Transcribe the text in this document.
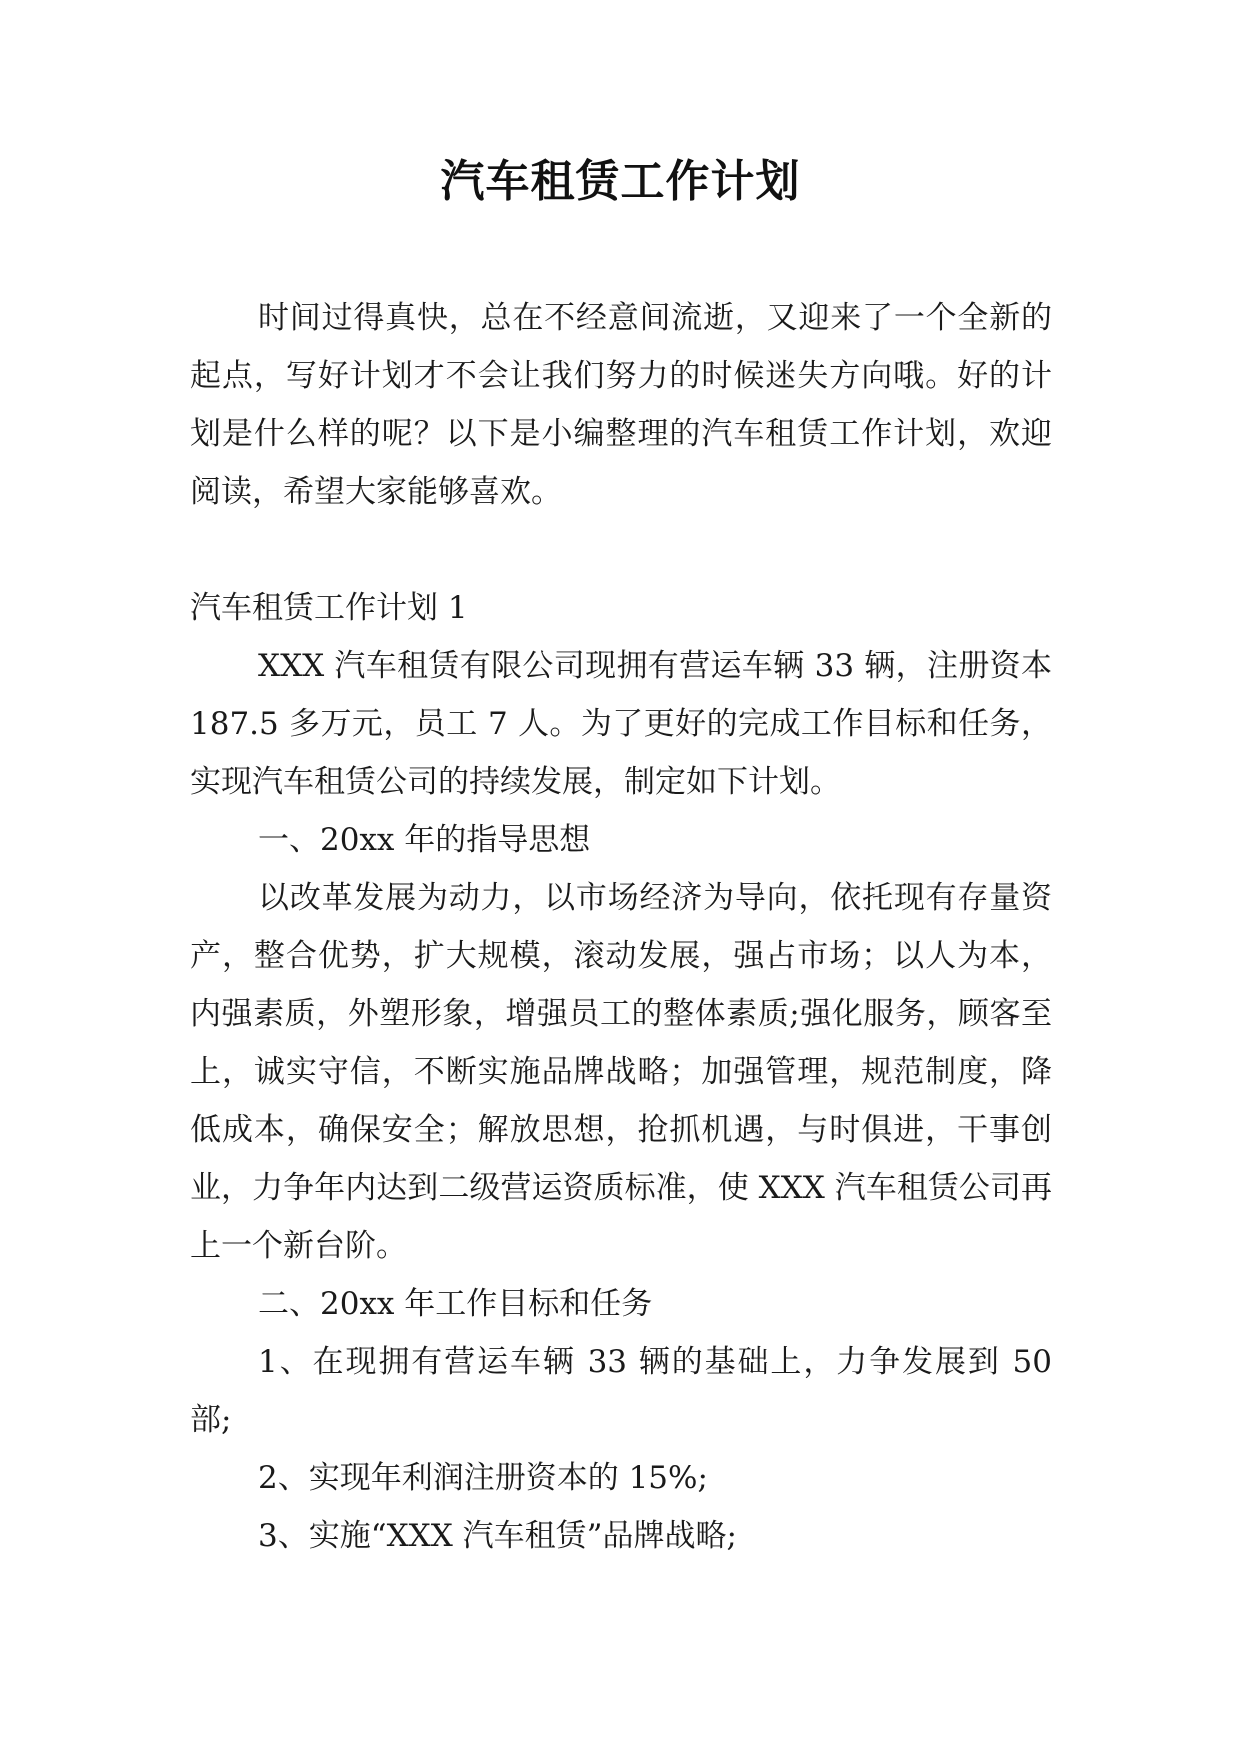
汽车租赁工作计划

时间过得真快，总在不经意间流逝，又迎来了一个全新的起点，写好计划才不会让我们努力的时候迷失方向哦。好的计划是什么样的呢？以下是小编整理的汽车租赁工作计划，欢迎阅读，希望大家能够喜欢。

汽车租赁工作计划 1

XXX 汽车租赁有限公司现拥有营运车辆 33 辆，注册资本 187.5 多万元，员工 7 人。为了更好的完成工作目标和任务，实现汽车租赁公司的持续发展，制定如下计划。

一、20xx 年的指导思想

以改革发展为动力，以市场经济为导向，依托现有存量资产，整合优势，扩大规模，滚动发展，强占市场；以人为本，内强素质，外塑形象，增强员工的整体素质;强化服务，顾客至上，诚实守信，不断实施品牌战略；加强管理，规范制度，降低成本，确保安全；解放思想，抢抓机遇，与时俱进，干事创业，力争年内达到二级营运资质标准，使 XXX 汽车租赁公司再上一个新台阶。

二、20xx 年工作目标和任务

1、在现拥有营运车辆 33 辆的基础上，力争发展到 50 部;

2、实现年利润注册资本的 15%;

3、实施“XXX 汽车租赁”品牌战略;
